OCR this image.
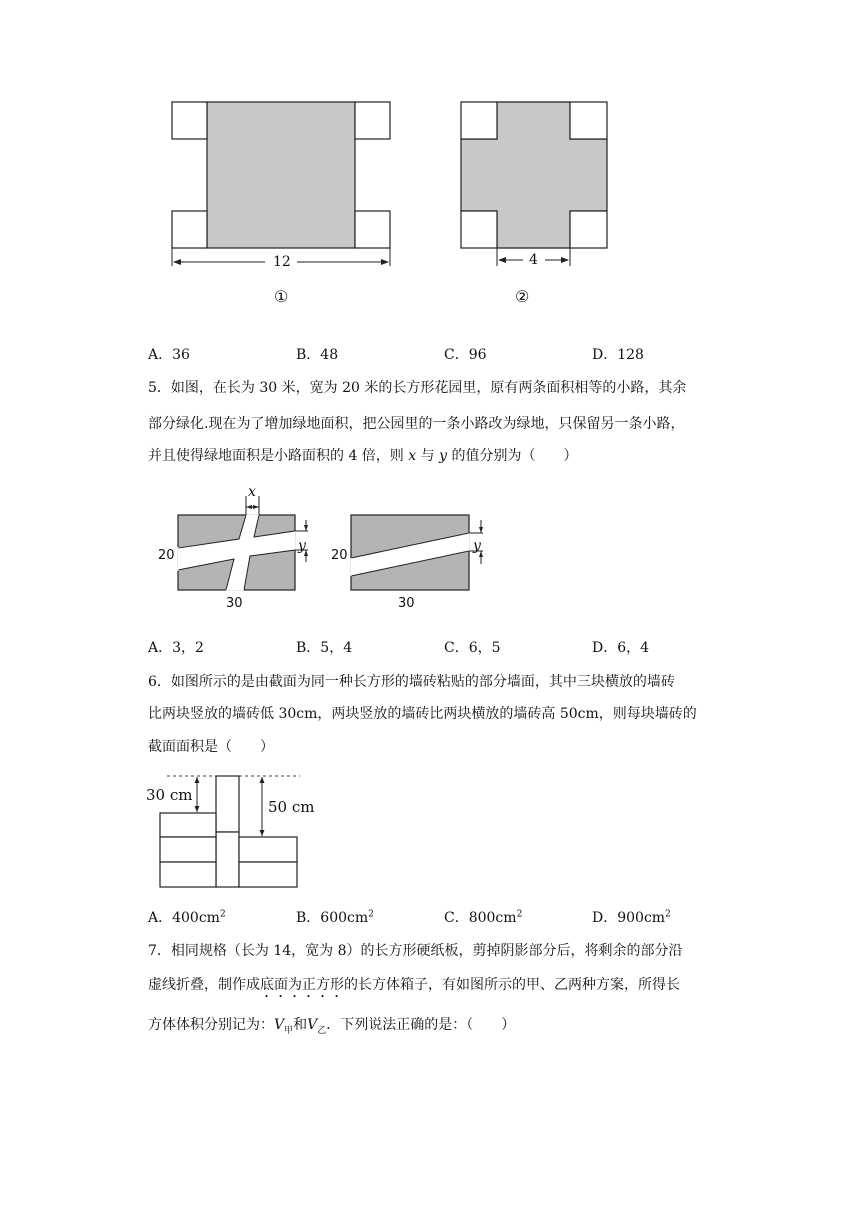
12
①
4
②
A．36	B．48	C．96	D．128
5．如图，在长为 30 米，宽为 20 米的长方形花园里，原有两条面积相等的小路，其余
部分绿化.现在为了增加绿地面积，把公园里的一条小路改为绿地，只保留另一条小路，
并且使得绿地面积是小路面积的 4 倍，则 x 与 y 的值分别为（　　）
x
y
20
30
y
20
30
A．3，2	B．5，4	C．6，5	D．6，4
6．如图所示的是由截面为同一种长方形的墙砖粘贴的部分墙面，其中三块横放的墙砖
比两块竖放的墙砖低 30cm，两块竖放的墙砖比两块横放的墙砖高 50cm，则每块墙砖的
截面面积是（　　）
30 cm
50 cm
A．$400cm^2$	B．$600cm^2$	C．$800cm^2$	D．$900cm^2$
7．相同规格（长为 14，宽为 8）的长方形硬纸板，剪掉阴影部分后，将剩余的部分沿
虚线折叠，制作成底面为正方形的长方体箱子，有如图所示的甲、乙两种方案，所得长
方体体积分别记为：$V_甲$和$V_乙$．下列说法正确的是：（　　）
